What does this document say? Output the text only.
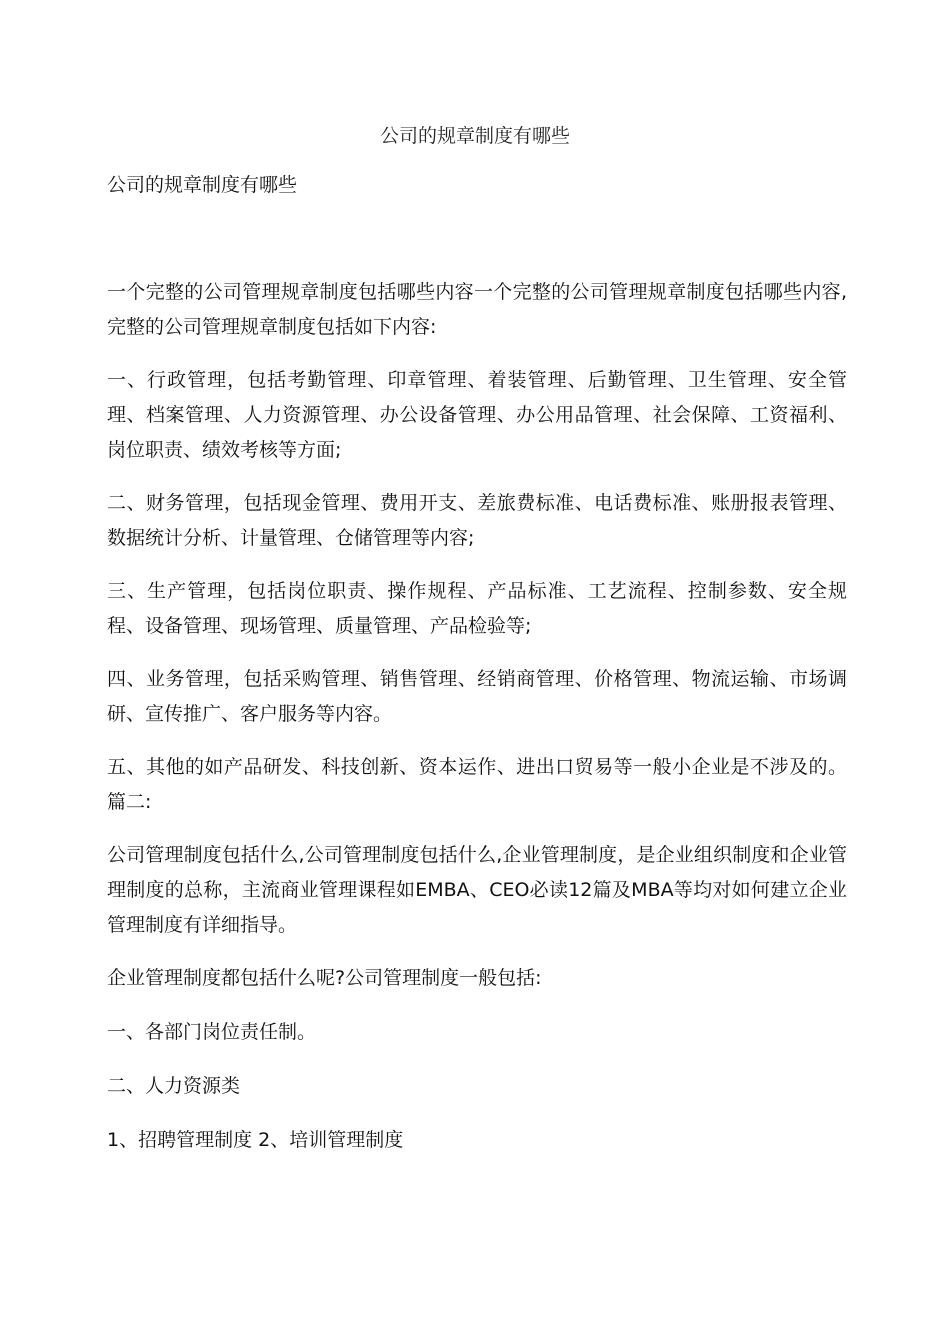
公司的规章制度有哪些

公司的规章制度有哪些

一个完整的公司管理规章制度包括哪些内容一个完整的公司管理规章制度包括哪些内容,完整的公司管理规章制度包括如下内容:

一、行政管理，包括考勤管理、印章管理、着装管理、后勤管理、卫生管理、安全管理、档案管理、人力资源管理、办公设备管理、办公用品管理、社会保障、工资福利、岗位职责、绩效考核等方面;

二、财务管理，包括现金管理、费用开支、差旅费标准、电话费标准、账册报表管理、数据统计分析、计量管理、仓储管理等内容;

三、生产管理，包括岗位职责、操作规程、产品标准、工艺流程、控制参数、安全规程、设备管理、现场管理、质量管理、产品检验等;

四、业务管理，包括采购管理、销售管理、经销商管理、价格管理、物流运输、市场调研、宣传推广、客户服务等内容。

五、其他的如产品研发、科技创新、资本运作、进出口贸易等一般小企业是不涉及的。篇二:

公司管理制度包括什么,公司管理制度包括什么,企业管理制度，是企业组织制度和企业管理制度的总称，主流商业管理课程如EMBA、CEO必读12篇及MBA等均对如何建立企业管理制度有详细指导。

企业管理制度都包括什么呢?公司管理制度一般包括:

一、各部门岗位责任制。

二、人力资源类

1、招聘管理制度 2、培训管理制度
